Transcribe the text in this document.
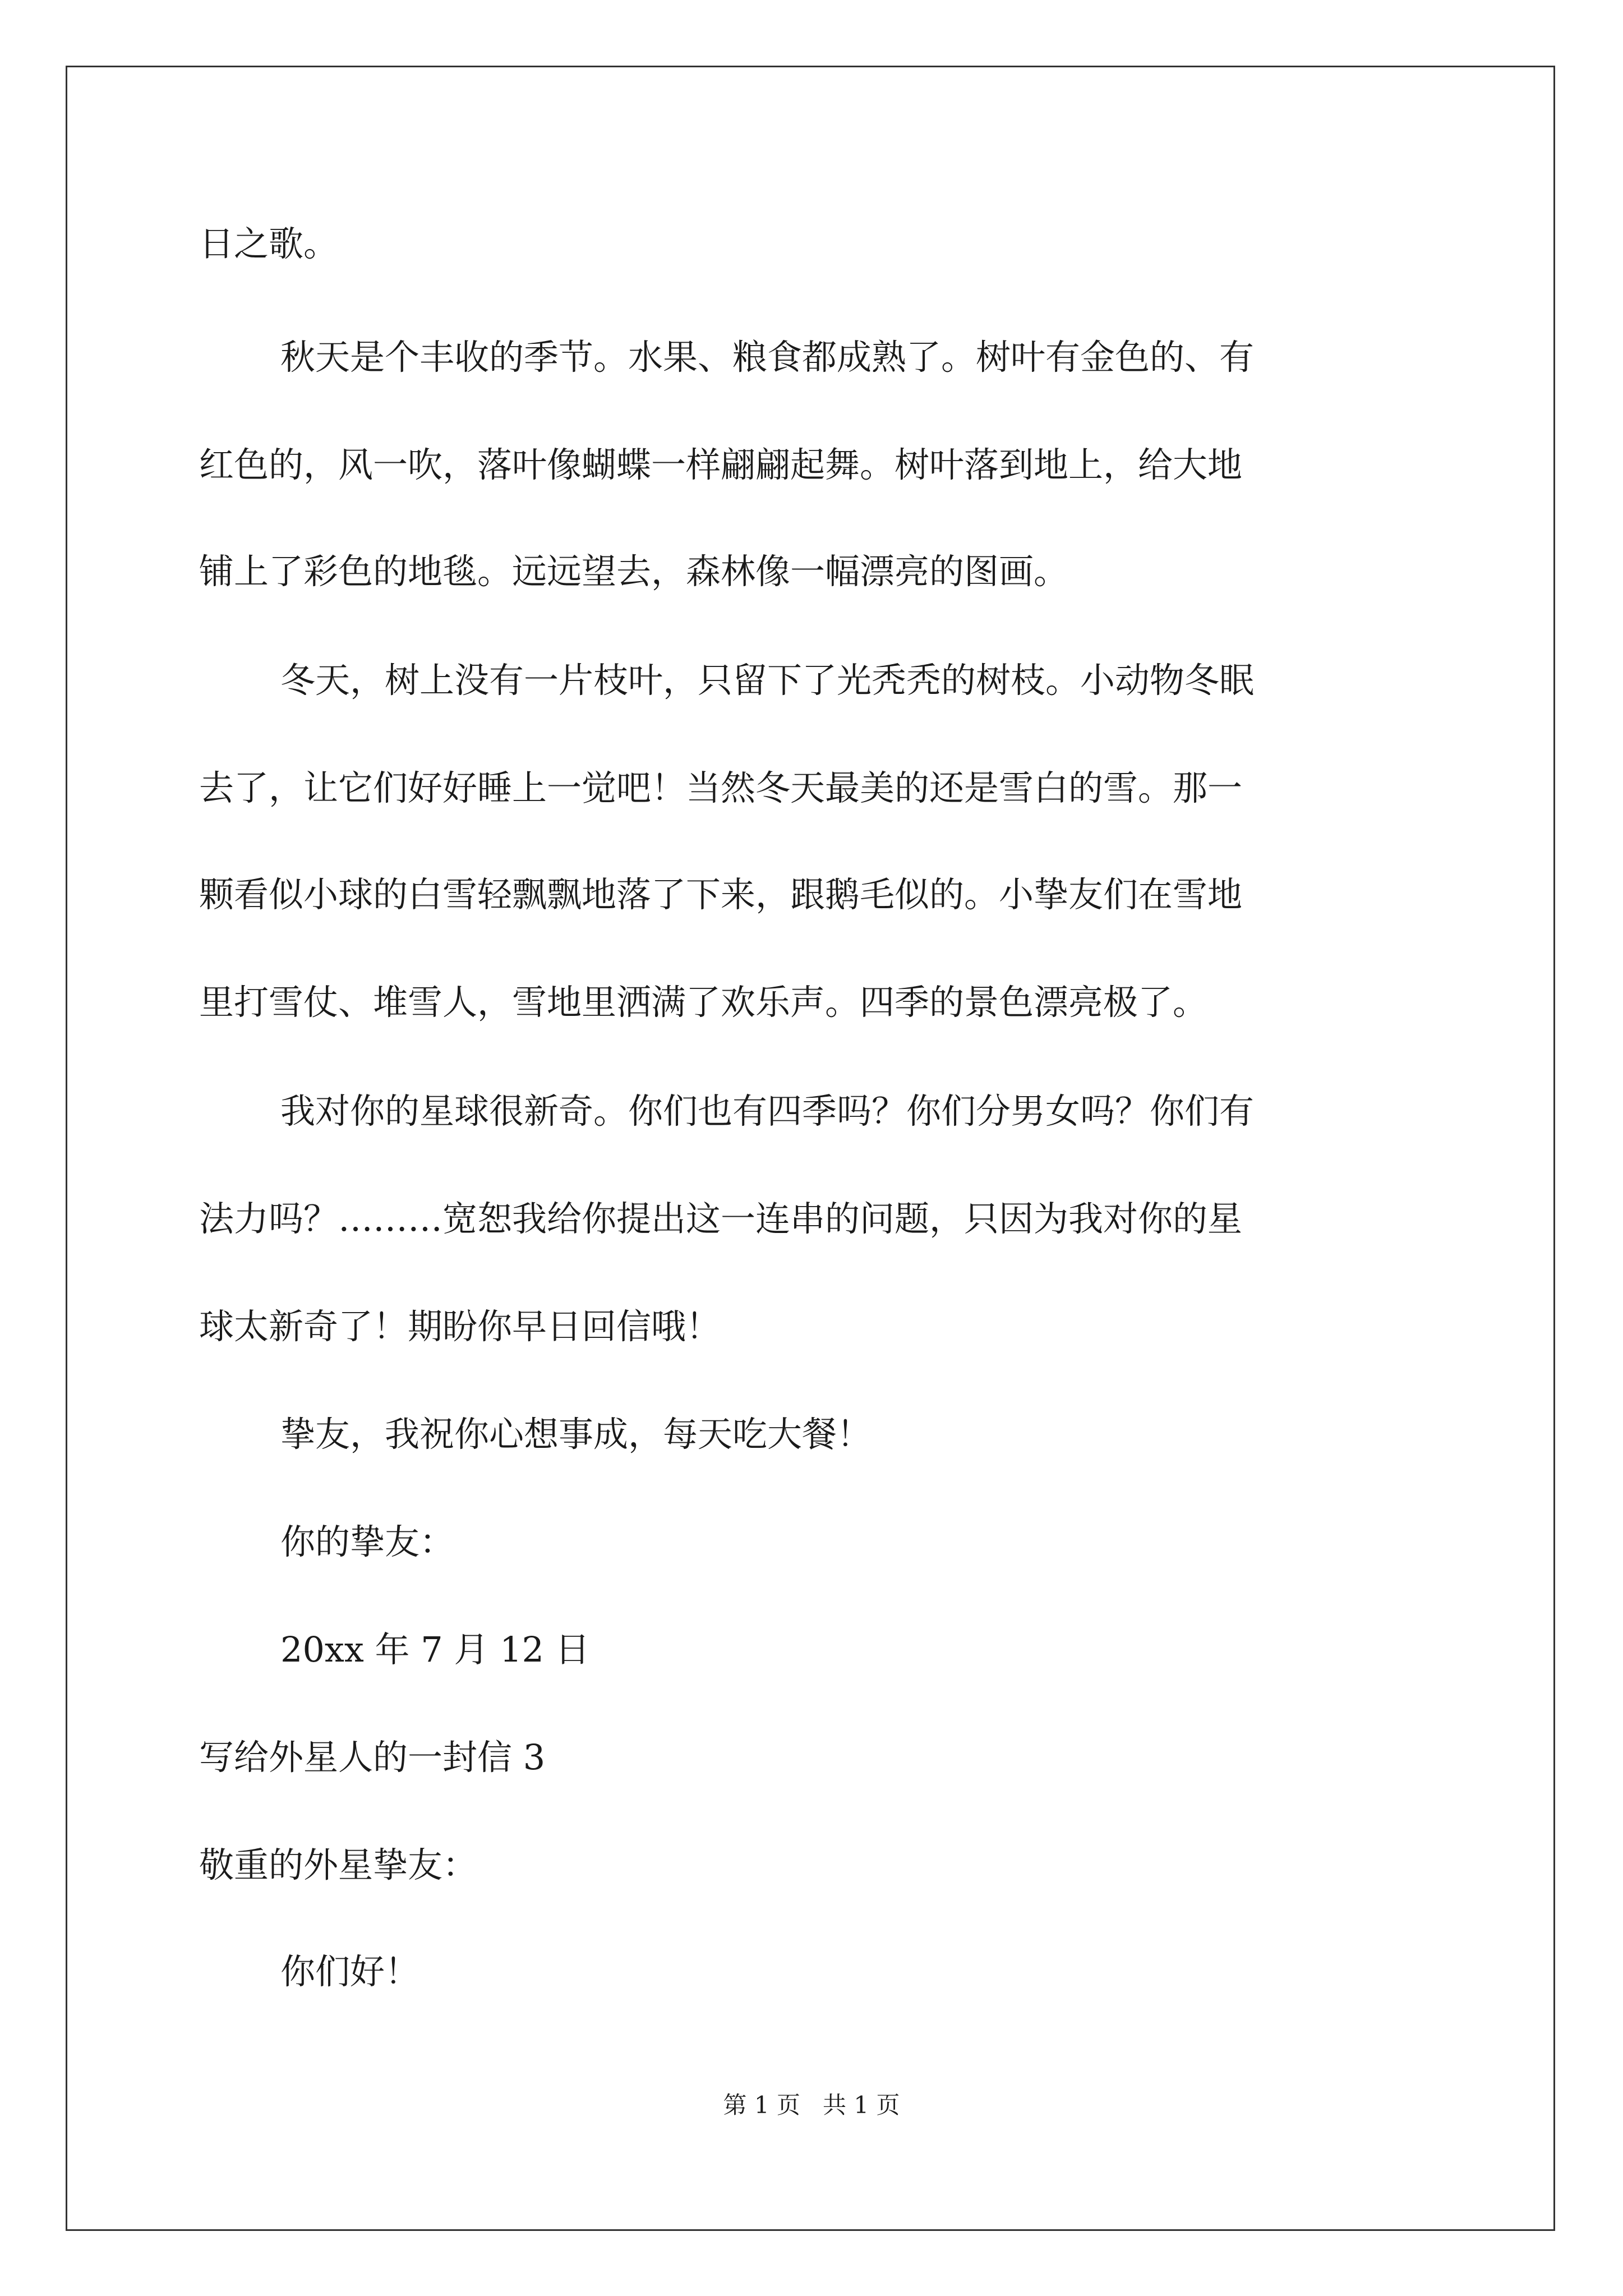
日之歌。
秋天是个丰收的季节。水果、粮食都成熟了。树叶有金色的、有
红色的，风一吹，落叶像蝴蝶一样翩翩起舞。树叶落到地上，给大地
铺上了彩色的地毯。远远望去，森林像一幅漂亮的图画。
冬天，树上没有一片枝叶，只留下了光秃秃的树枝。小动物冬眠
去了，让它们好好睡上一觉吧！当然冬天最美的还是雪白的雪。那一
颗看似小球的白雪轻飘飘地落了下来，跟鹅毛似的。小挚友们在雪地
里打雪仗、堆雪人，雪地里洒满了欢乐声。四季的景色漂亮极了。
我对你的星球很新奇。你们也有四季吗？你们分男女吗？你们有
法力吗？………宽恕我给你提出这一连串的问题，只因为我对你的星
球太新奇了！期盼你早日回信哦！
挚友，我祝你心想事成，每天吃大餐！
你的挚友：
20xx 年 7 月 12 日
写给外星人的一封信 3
敬重的外星挚友：
你们好！
第 1 页   共 1 页
